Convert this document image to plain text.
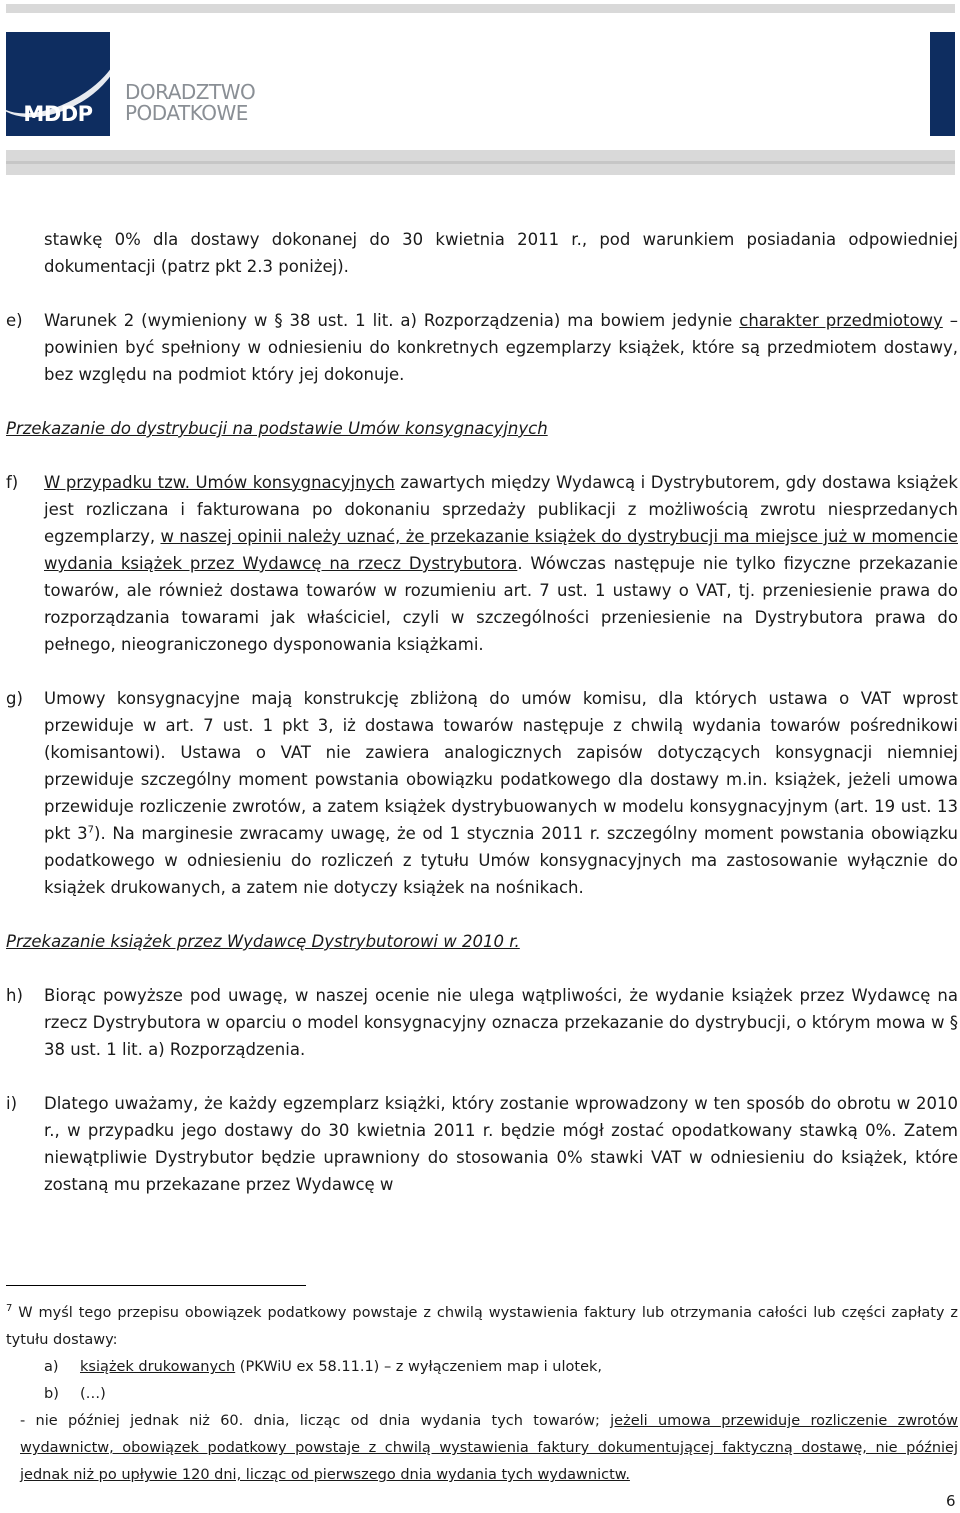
MDDP
DORADZTWO
PODATKOWE
stawkę 0% dla dostawy dokonanej do 30 kwietnia 2011 r., pod warunkiem posiadania odpowiedniej dokumentacji (patrz pkt 2.3 poniżej).
e) Warunek 2 (wymieniony w § 38 ust. 1 lit. a) Rozporządzenia) ma bowiem jedynie charakter przedmiotowy – powinien być spełniony w odniesieniu do konkretnych egzemplarzy książek, które są przedmiotem dostawy, bez względu na podmiot który jej dokonuje.
Przekazanie do dystrybucji na podstawie Umów konsygnacyjnych
f) W przypadku tzw. Umów konsygnacyjnych zawartych między Wydawcą i Dystrybutorem, gdy dostawa książek jest rozliczana i fakturowana po dokonaniu sprzedaży publikacji z możliwością zwrotu niesprzedanych egzemplarzy, w naszej opinii należy uznać, że przekazanie książek do dystrybucji ma miejsce już w momencie wydania książek przez Wydawcę na rzecz Dystrybutora. Wówczas następuje nie tylko fizyczne przekazanie towarów, ale również dostawa towarów w rozumieniu art. 7 ust. 1 ustawy o VAT, tj. przeniesienie prawa do rozporządzania towarami jak właściciel, czyli w szczególności przeniesienie na Dystrybutora prawa do pełnego, nieograniczonego dysponowania książkami.
g) Umowy konsygnacyjne mają konstrukcję zbliżoną do umów komisu, dla których ustawa o VAT wprost przewiduje w art. 7 ust. 1 pkt 3, iż dostawa towarów następuje z chwilą wydania towarów pośrednikowi (komisantowi). Ustawa o VAT nie zawiera analogicznych zapisów dotyczących konsygnacji niemniej przewiduje szczególny moment powstania obowiązku podatkowego dla dostawy m.in. książek, jeżeli umowa przewiduje rozliczenie zwrotów, a zatem książek dystrybuowanych w modelu konsygnacyjnym (art. 19 ust. 13 pkt $3^7$). Na marginesie zwracamy uwagę, że od 1 stycznia 2011 r. szczególny moment powstania obowiązku podatkowego w odniesieniu do rozliczeń z tytułu Umów konsygnacyjnych ma zastosowanie wyłącznie do książek drukowanych, a zatem nie dotyczy książek na nośnikach.
Przekazanie książek przez Wydawcę Dystrybutorowi w 2010 r.
h) Biorąc powyższe pod uwagę, w naszej ocenie nie ulega wątpliwości, że wydanie książek przez Wydawcę na rzecz Dystrybutora w oparciu o model konsygnacyjny oznacza przekazanie do dystrybucji, o którym mowa w § 38 ust. 1 lit. a) Rozporządzenia.
i) Dlatego uważamy, że każdy egzemplarz książki, który zostanie wprowadzony w ten sposób do obrotu w 2010 r., w przypadku jego dostawy do 30 kwietnia 2011 r. będzie mógł zostać opodatkowany stawką 0%. Zatem niewątpliwie Dystrybutor będzie uprawniony do stosowania 0% stawki VAT w odniesieniu do książek, które zostaną mu przekazane przez Wydawcę w
$^7$ W myśl tego przepisu obowiązek podatkowy powstaje z chwilą wystawienia faktury lub otrzymania całości lub części zapłaty z tytułu dostawy:
a) książek drukowanych (PKWiU ex 58.11.1) – z wyłączeniem map i ulotek,
b) (…)
- nie później jednak niż 60. dnia, licząc od dnia wydania tych towarów; jeżeli umowa przewiduje rozliczenie zwrotów wydawnictw, obowiązek podatkowy powstaje z chwilą wystawienia faktury dokumentującej faktyczną dostawę, nie później jednak niż po upływie 120 dni, licząc od pierwszego dnia wydania tych wydawnictw.
6
